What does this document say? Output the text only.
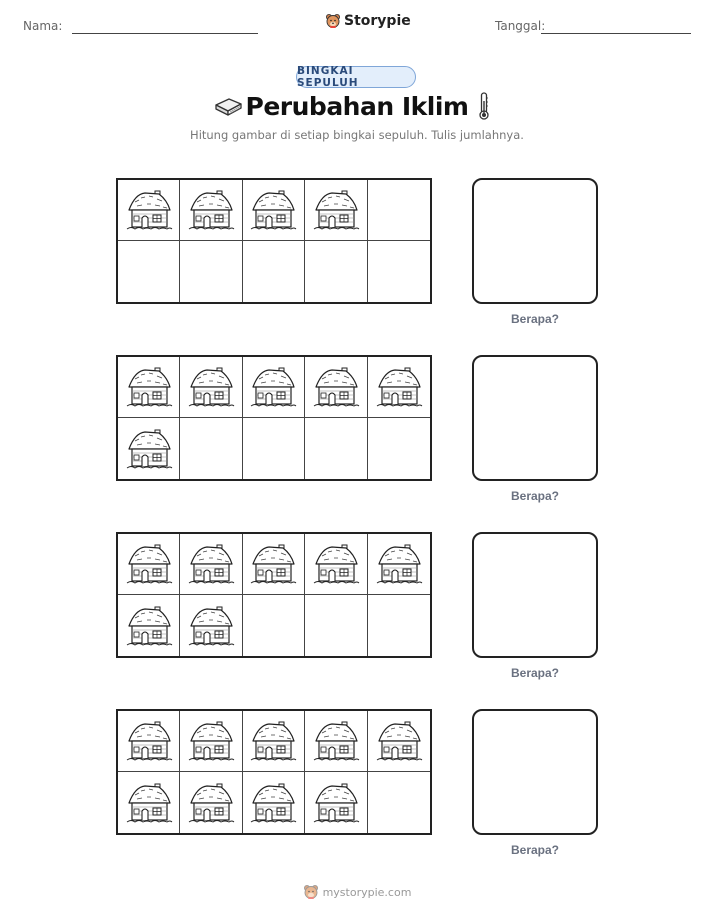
Nama:	Storypie	Tanggal:
BINGKAI SEPULUH
Perubahan Iklim
Hitung gambar di setiap bingkai sepuluh. Tulis jumlahnya.
Berapa?
Berapa?
Berapa?
Berapa?
mystorypie.com
